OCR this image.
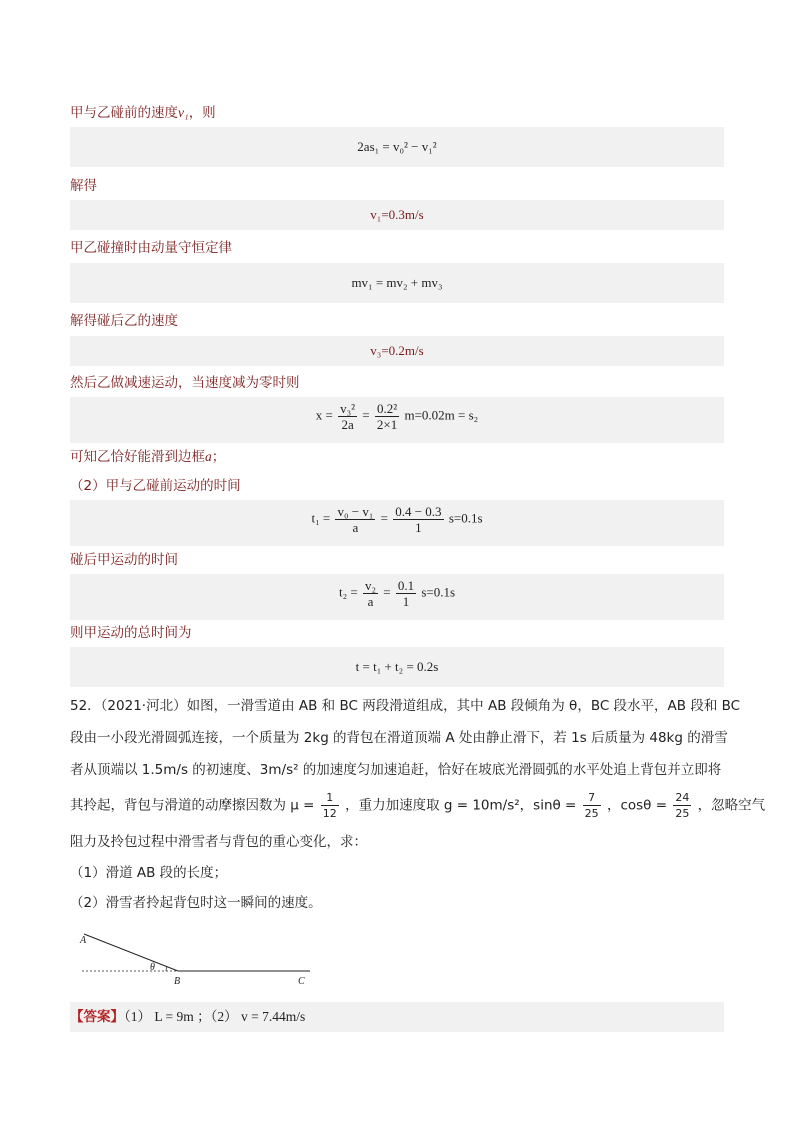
甲与乙碰前的速度v₁，则
2as₁ = v₀² − v₁²
解得
v₁=0.3m/s
甲乙碰撞时由动量守恒定律
mv₁ = mv₂ + mv₃
解得碰后乙的速度
v₃=0.2m/s
然后乙做减速运动，当速度减为零时则
$x = \frac{\text{v₃²}}{2a} = \frac{\text{0.2²}}{2\times 1} m=0.02m = s_2$
可知乙恰好能滑到边框a；
（2）甲与乙碰前运动的时间
$t_1 = \frac{\text{v₀ − v₁}}{a} = \frac{0.4 - 0.3}{1} s=0.1s$
碰后甲运动的时间
$t_2 = \frac{\text{v₂}}{a} = \frac{0.1}{1} s=0.1s$
则甲运动的总时间为
t = t₁ + t₂ = 0.2s
52．（2021·河北）如图，一滑雪道由 AB 和 BC 两段滑道组成，其中 AB 段倾角为 θ，BC 段水平，AB 段和 BC
段由一小段光滑圆弧连接，一个质量为 2kg 的背包在滑道顶端 A 处由静止滑下，若 1s 后质量为 48kg 的滑雪
者从顶端以 1.5m/s 的初速度、3m/s² 的加速度匀加速追赶，恰好在坡底光滑圆弧的水平处追上背包并立即将
其拎起，背包与滑道的动摩擦因数为 $\mu = \frac{1}{12}$ ，重力加速度取 g = 10m/s²，$\sin\theta = \frac{7}{25}$ ，$\cos\theta = \frac{24}{25}$ ，忽略空气
阻力及拎包过程中滑雪者与背包的重心变化，求：
（1）滑道 AB 段的长度；
（2）滑雪者拎起背包时这一瞬间的速度。
A
θ
B	C
【答案】（1） L = 9m ；（2） v = 7.44m/s
